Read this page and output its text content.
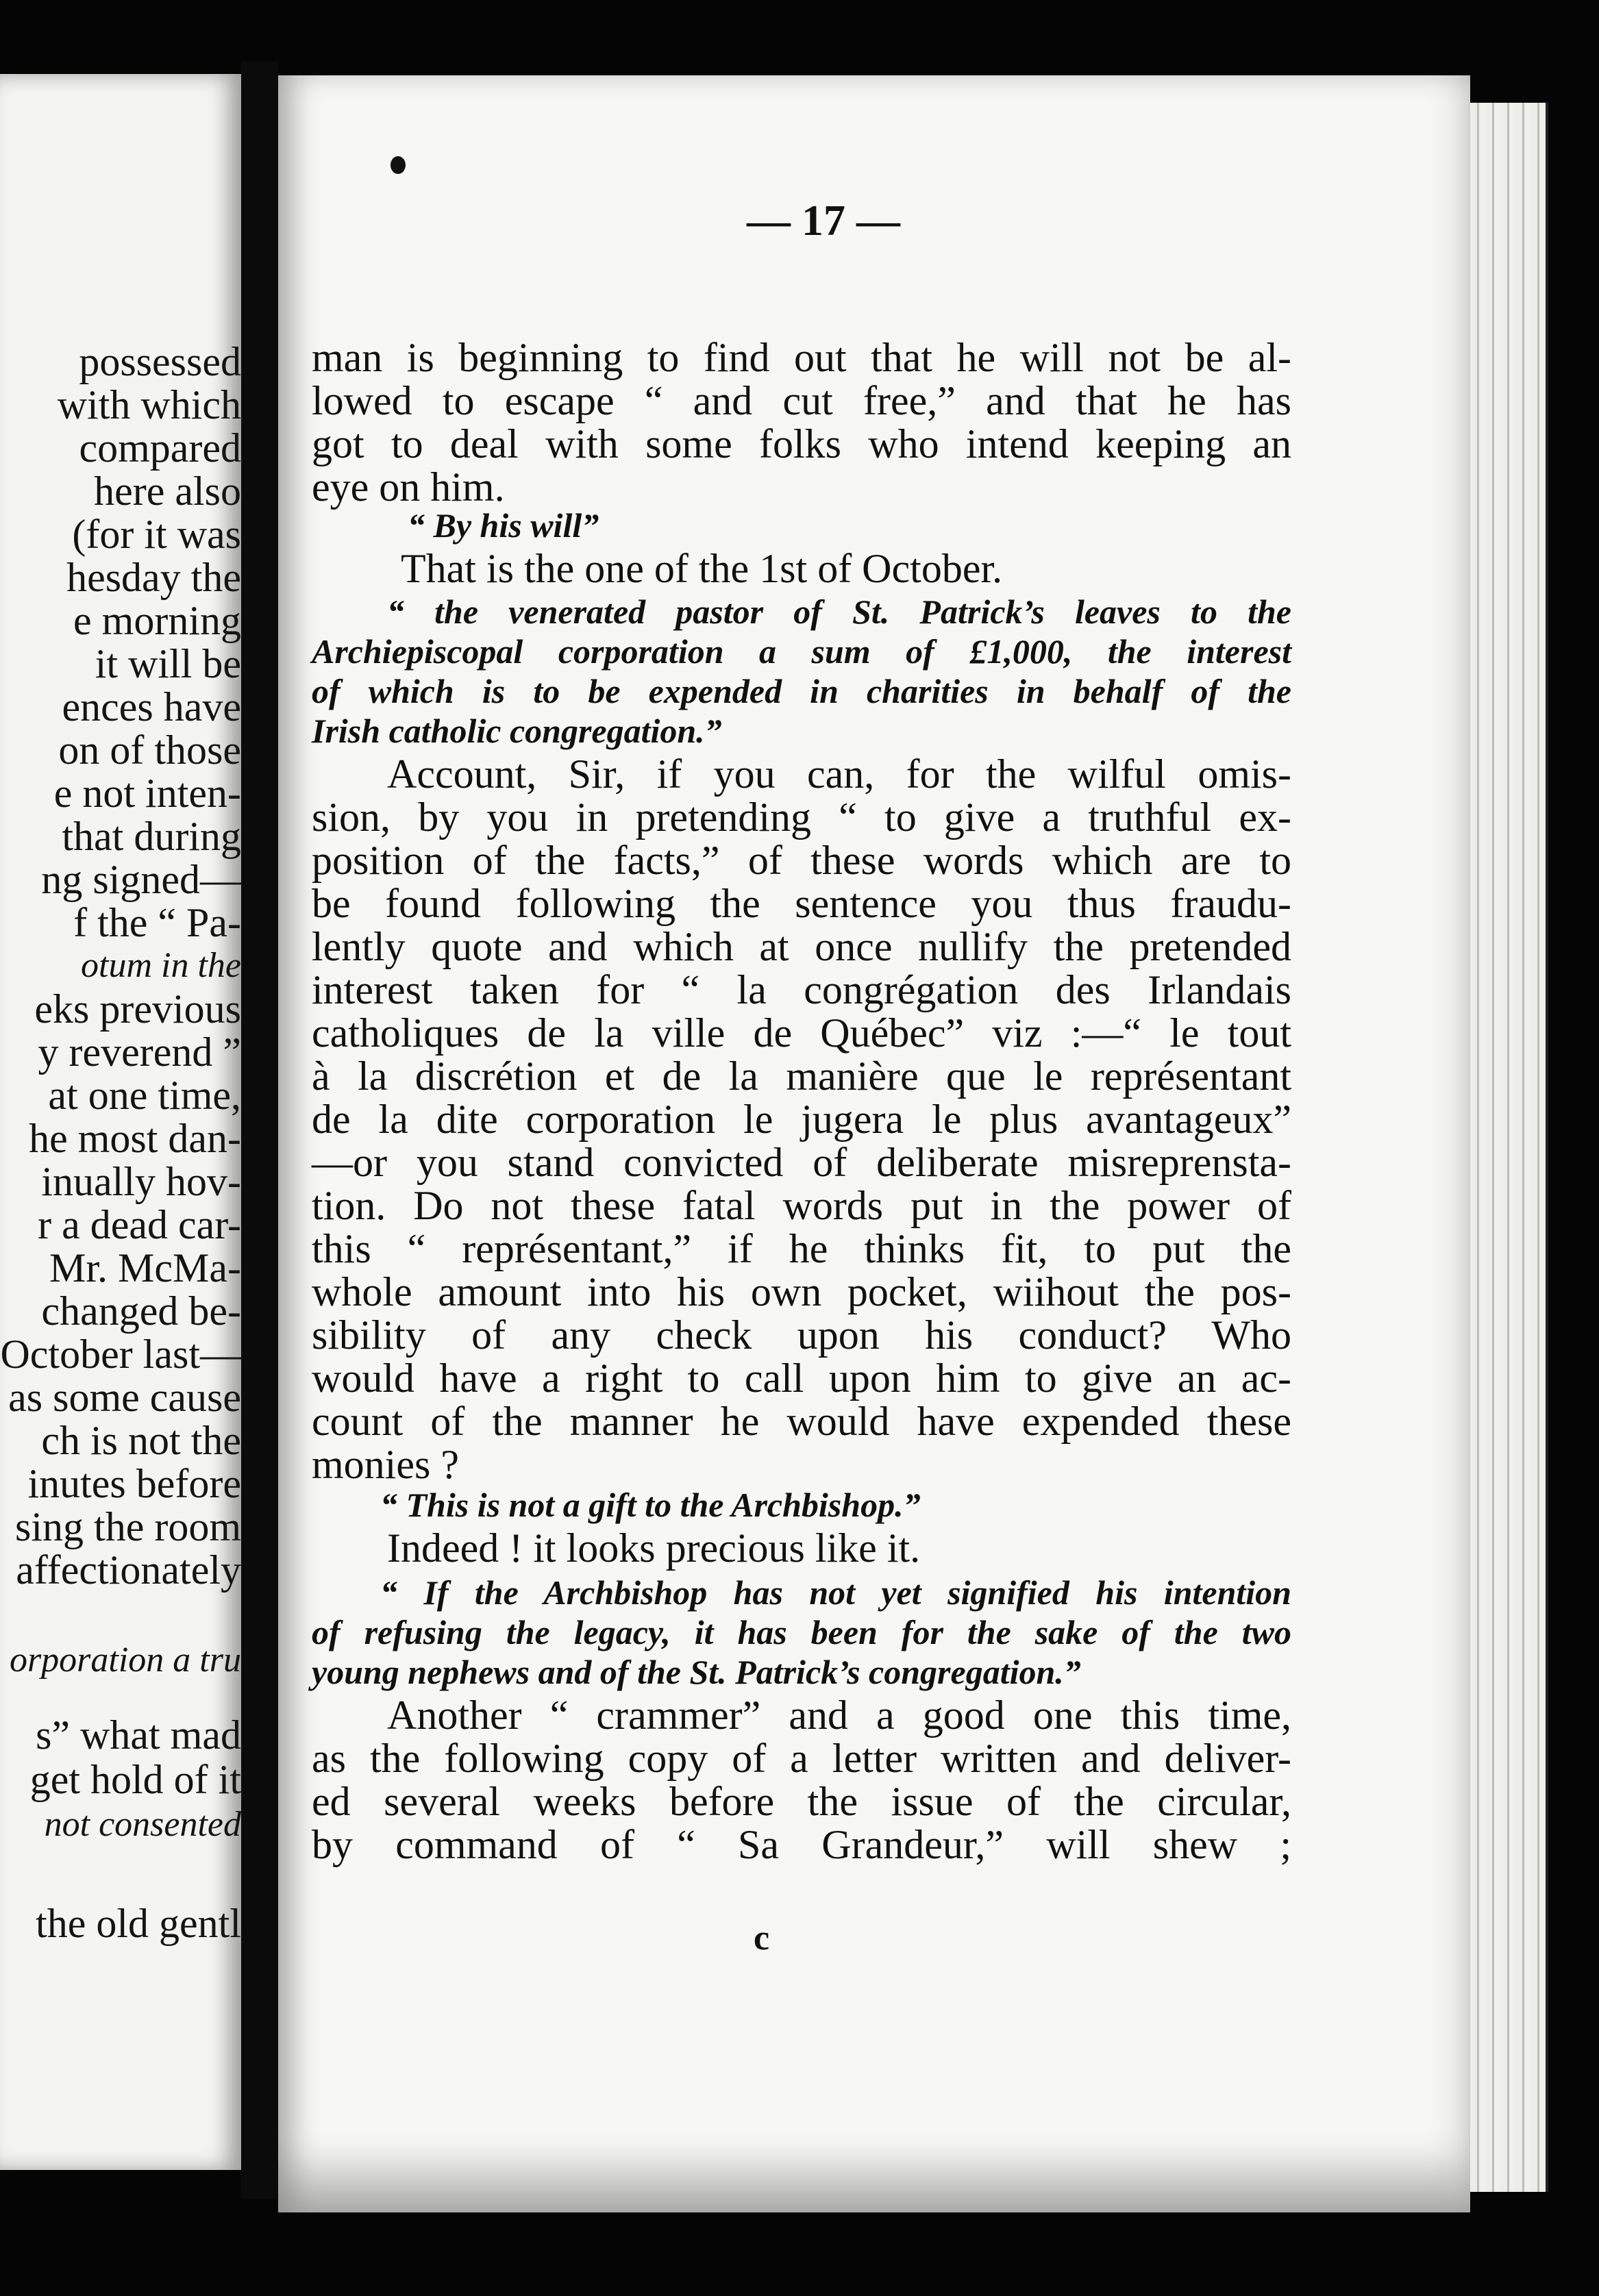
possessed
with which
compared
here also
(for it was
hesday the
e morning
it will be
ences have
on of those
e not inten-
that during
ng signed—
f the “ Pa-
otum in the
eks previous
y reverend ”
at one time,
he most dan-
inually hov-
r a dead car-
Mr. McMa-
changed be-
October last—
as some cause
ch is not the
inutes before
sing the room
affectionately
orporation a tru
s” what mad
get hold of it
not consented
the old gentl
— 17 —
man is beginning to find out that he will not be al-
lowed to escape “ and cut free,” and that he has
got to deal with some folks who intend keeping an
eye on him.
“ By his will”
That is the one of the 1st of October.
“ the venerated pastor of St. Patrick’s leaves to the
Archiepiscopal corporation a sum of £1,000, the interest
of which is to be expended in charities in behalf of the
Irish catholic congregation.”
Account, Sir, if you can, for the wilful omis-
sion, by you in pretending “ to give a truthful ex-
position of the facts,” of these words which are to
be found following the sentence you thus fraudu-
lently quote and which at once nullify the pretended
interest taken for “ la congrégation des Irlandais
catholiques de la ville de Québec” viz :—“ le tout
à la discrétion et de la manière que le représentant
de la dite corporation le jugera le plus avantageux”
—or you stand convicted of deliberate misreprensta-
tion. Do not these fatal words put in the power of
this “ représentant,” if he thinks fit, to put the
whole amount into his own pocket, wiihout the pos-
sibility of any check upon his conduct? Who
would have a right to call upon him to give an ac-
count of the manner he would have expended these
monies ?
“ This is not a gift to the Archbishop.”
Indeed ! it looks precious like it.
“ If the Archbishop has not yet signified his intention
of refusing the legacy, it has been for the sake of the two
young nephews and of the St. Patrick’s congregation.”
Another “ crammer” and a good one this time,
as the following copy of a letter written and deliver-
ed several weeks before the issue of the circular,
by command of “ Sa Grandeur,” will shew ;
c
